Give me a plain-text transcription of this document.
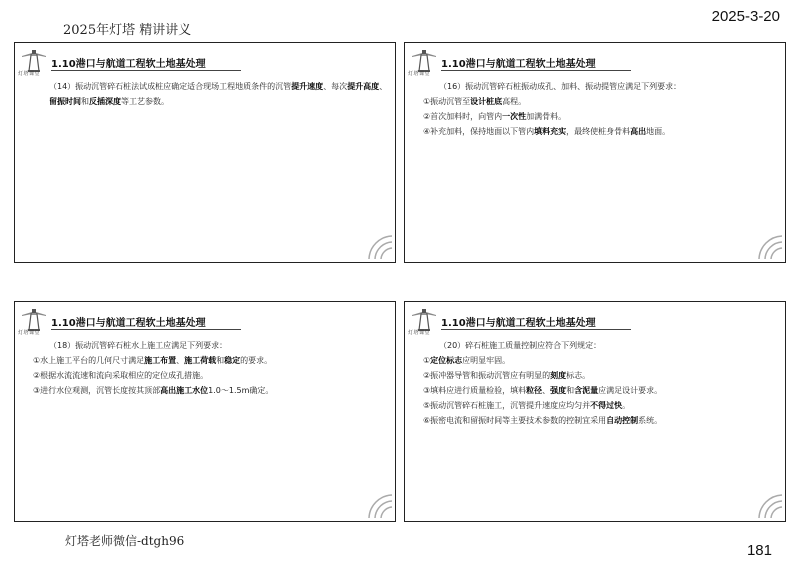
2025年灯塔 精讲讲义
2025-3-20
灯塔课堂
1.10港口与航道工程软土地基处理

（14）振动沉管碎石桩法试成桩应确定适合现场工程地质条件的沉管提升速度、每次提升高度、留振时间和反插深度等工艺参数。

灯塔课堂
1.10港口与航道工程软土地基处理

（16）振动沉管碎石桩振动成孔、加料、振动提管应满足下列要求：

①振动沉管至设计桩底高程。

②首次加料时，向管内一次性加满骨料。

④补充加料，保持地面以下管内填料充实，最终使桩身骨料高出地面。

灯塔课堂
1.10港口与航道工程软土地基处理

（18）振动沉管碎石桩水上施工应满足下列要求：

①水上施工平台的几何尺寸满足施工布置、施工荷载和稳定的要求。

②根据水流流速和流向采取相应的定位成孔措施。

③进行水位观测，沉管长度按其顶部高出施工水位1.0～1.5m确定。

灯塔课堂
1.10港口与航道工程软土地基处理

（20）碎石桩施工质量控制应符合下列规定：

①定位标志应明显牢固。

②振冲器导管和振动沉管应有明显的刻度标志。

③填料应进行质量检验，填料粒径、强度和含泥量应满足设计要求。

⑤振动沉管碎石桩施工，沉管提升速度应均匀并不得过快。

⑥振密电流和留振时间等主要技术参数的控制宜采用自动控制系统。

灯塔老师微信-dtgh96
181
